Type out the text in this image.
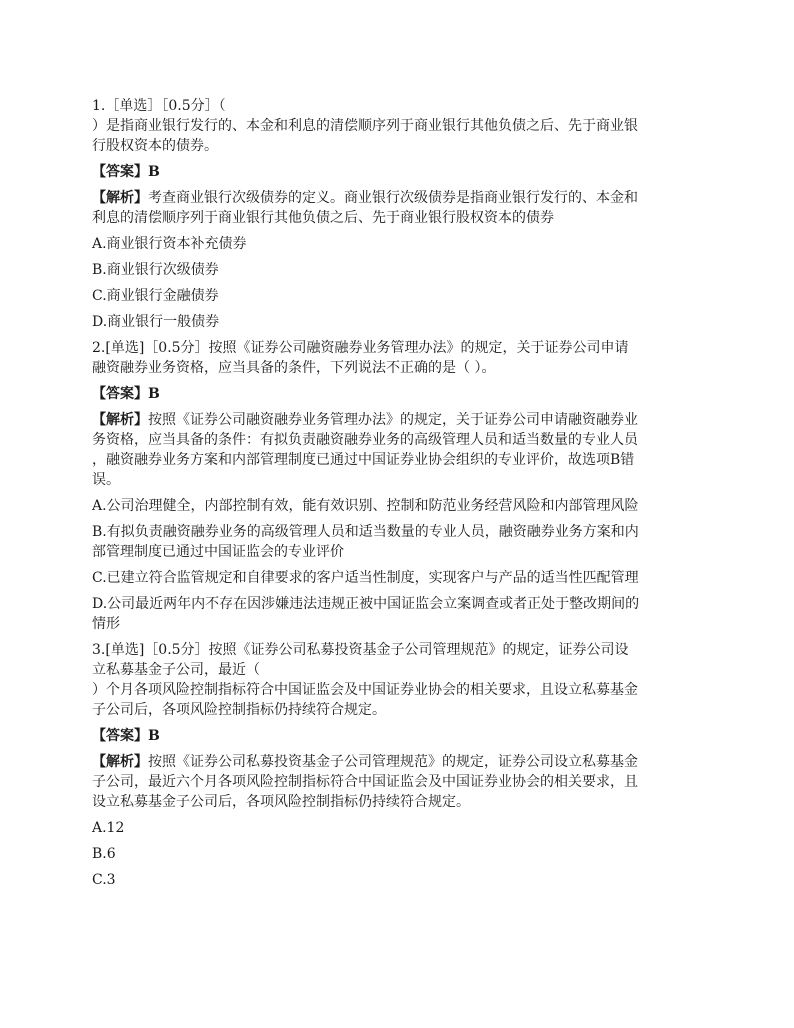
1.［单选］［0.5分］（

）是指商业银行发行的、本金和利息的清偿顺序列于商业银行其他负债之后、先于商业银

行股权资本的债券。

【答案】B

【解析】考查商业银行次级债券的定义。商业银行次级债券是指商业银行发行的、本金和

利息的清偿顺序列于商业银行其他负债之后、先于商业银行股权资本的债券

A.商业银行资本补充债券

B.商业银行次级债券

C.商业银行金融债券

D.商业银行一般债券

2.[单选]［0.5分］按照《证券公司融资融券业务管理办法》的规定，关于证券公司申请

融资融券业务资格，应当具备的条件，下列说法不正确的是（ ）。

【答案】B

【解析】按照《证券公司融资融券业务管理办法》的规定，关于证券公司申请融资融券业

务资格，应当具备的条件：有拟负责融资融券业务的高级管理人员和适当数量的专业人员

，融资融券业务方案和内部管理制度已通过中国证券业协会组织的专业评价，故选项B错

误。

A.公司治理健全，内部控制有效，能有效识别、控制和防范业务经营风险和内部管理风险

B.有拟负责融资融券业务的高级管理人员和适当数量的专业人员，融资融券业务方案和内

部管理制度已通过中国证监会的专业评价

C.已建立符合监管规定和自律要求的客户适当性制度，实现客户与产品的适当性匹配管理

D.公司最近两年内不存在因涉嫌违法违规正被中国证监会立案调查或者正处于整改期间的

情形

3.[单选]［0.5分］按照《证券公司私募投资基金子公司管理规范》的规定，证券公司设

立私募基金子公司，最近（

）个月各项风险控制指标符合中国证监会及中国证券业协会的相关要求，且设立私募基金

子公司后，各项风险控制指标仍持续符合规定。

【答案】B

【解析】按照《证券公司私募投资基金子公司管理规范》的规定，证券公司设立私募基金

子公司，最近六个月各项风险控制指标符合中国证监会及中国证券业协会的相关要求，且

设立私募基金子公司后，各项风险控制指标仍持续符合规定。

A.12

B.6

C.3
